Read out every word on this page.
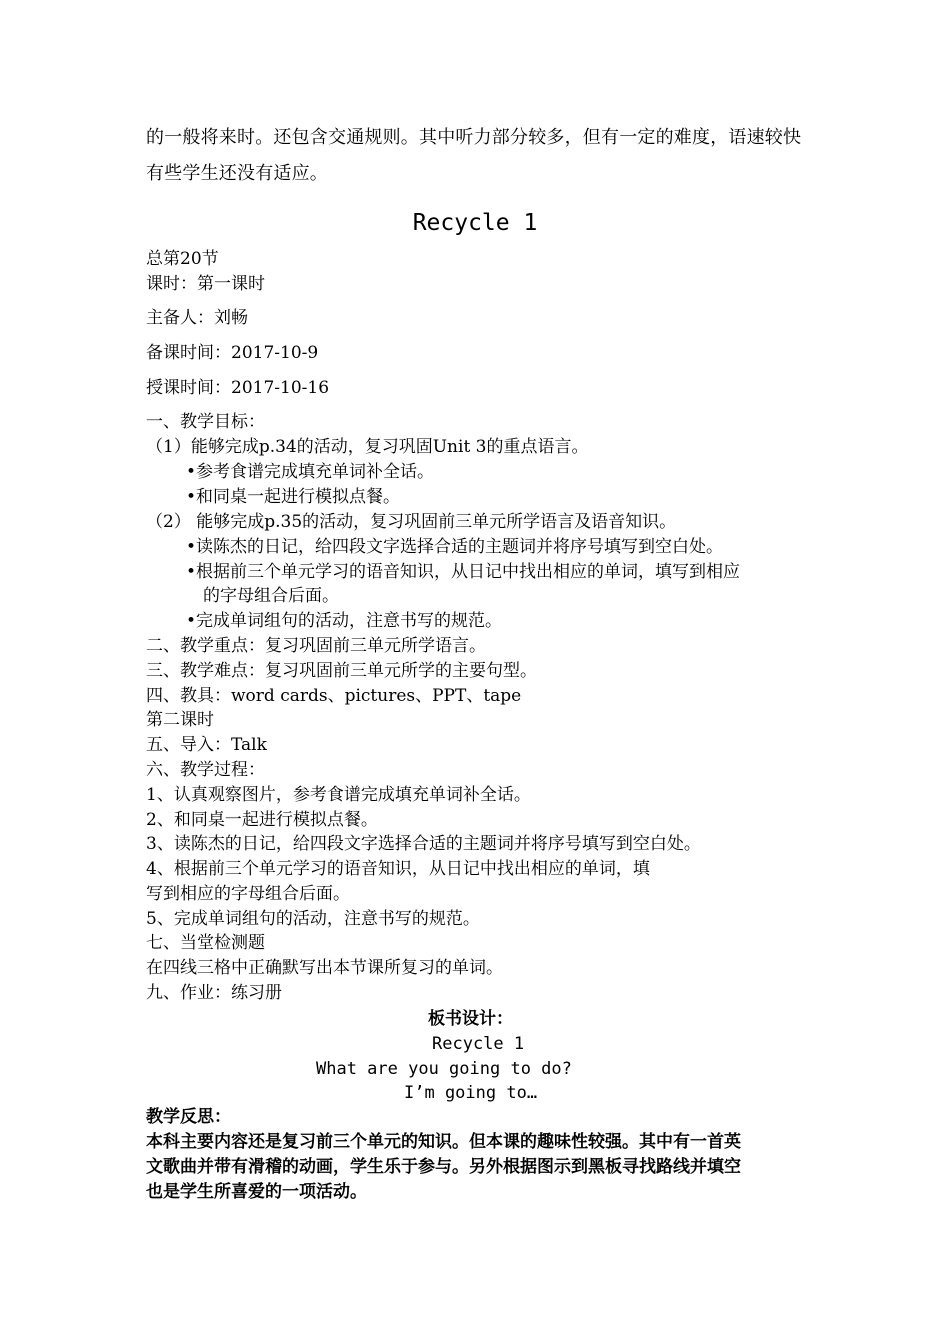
的一般将来时。还包含交通规则。其中听力部分较多，但有一定的难度，语速较快
有些学生还没有适应。
Recycle 1
总第20节
课时：第一课时
主备人：刘畅
备课时间：2017-10-9
授课时间：2017-10-16
一、教学目标：
（1）能够完成p.34的活动，复习巩固Unit 3的重点语言。
•参考食谱完成填充单词补全话。
•和同桌一起进行模拟点餐。
（2） 能够完成p.35的活动，复习巩固前三单元所学语言及语音知识。
•读陈杰的日记，给四段文字选择合适的主题词并将序号填写到空白处。
•根据前三个单元学习的语音知识，从日记中找出相应的单词，填写到相应
的字母组合后面。
•完成单词组句的活动，注意书写的规范。
二、教学重点：复习巩固前三单元所学语言。
三、教学难点：复习巩固前三单元所学的主要句型。
四、教具：word cards、pictures、PPT、tape
第二课时
五、导入：Talk
六、教学过程：
1、认真观察图片，参考食谱完成填充单词补全话。
2、和同桌一起进行模拟点餐。
3、读陈杰的日记，给四段文字选择合适的主题词并将序号填写到空白处。
4、根据前三个单元学习的语音知识，从日记中找出相应的单词，填
写到相应的字母组合后面。
5、完成单词组句的活动，注意书写的规范。
七、当堂检测题
在四线三格中正确默写出本节课所复习的单词。
九、作业：练习册
板书设计：
Recycle 1
What are you going to do?
I’m going to…
教学反思：
本科主要内容还是复习前三个单元的知识。但本课的趣味性较强。其中有一首英
文歌曲并带有滑稽的动画，学生乐于参与。另外根据图示到黑板寻找路线并填空
也是学生所喜爱的一项活动。
